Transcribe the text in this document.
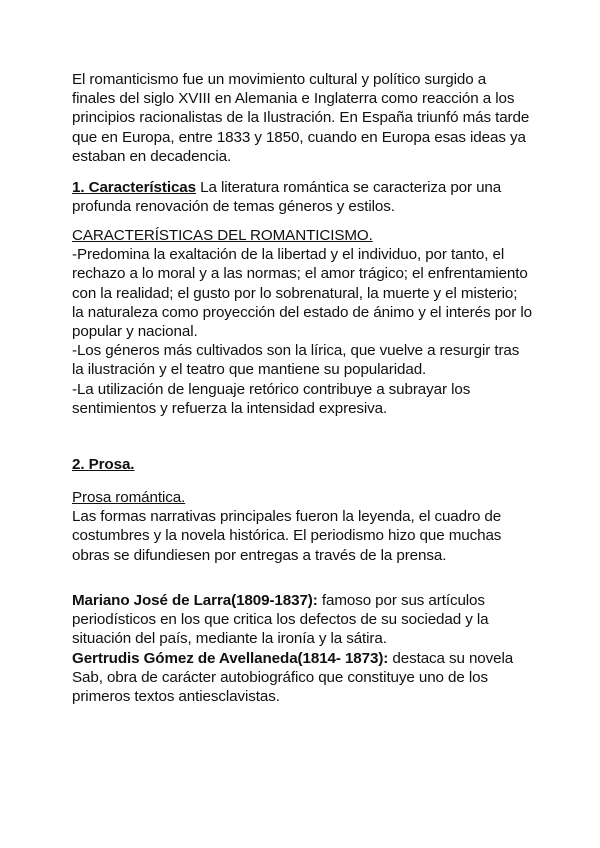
El romanticismo fue un movimiento cultural y político surgido a finales del siglo XVIII en Alemania e Inglaterra como reacción a los principios racionalistas de la Ilustración. En España triunfó más tarde que en Europa, entre 1833 y 1850, cuando en Europa esas ideas ya estaban en decadencia.

1. Características La literatura romántica se caracteriza por una profunda renovación de temas géneros y estilos.

CARACTERÍSTICAS DEL ROMANTICISMO.

-Predomina la exaltación de la libertad y el individuo, por tanto, el rechazo a lo moral y a las normas; el amor trágico; el enfrentamiento con la realidad; el gusto por lo sobrenatural, la muerte y el misterio; la naturaleza como proyección del estado de ánimo y el interés por lo popular y nacional.

-Los géneros más cultivados son la lírica, que vuelve a resurgir tras la ilustración y el teatro que mantiene su popularidad.

-La utilización de lenguaje retórico contribuye a subrayar los sentimientos y refuerza la intensidad expresiva.

2. Prosa.

Prosa romántica.

Las formas narrativas principales fueron la leyenda, el cuadro de costumbres y la novela histórica. El periodismo hizo que muchas obras se difundiesen por entregas a través de la prensa.

Mariano José de Larra(1809-1837): famoso por sus artículos periodísticos en los que critica los defectos de su sociedad y la situación del país, mediante la ironía y la sátira.

Gertrudis Gómez de Avellaneda(1814- 1873): destaca su novela Sab, obra de carácter autobiográfico que constituye uno de los primeros textos antiesclavistas.
